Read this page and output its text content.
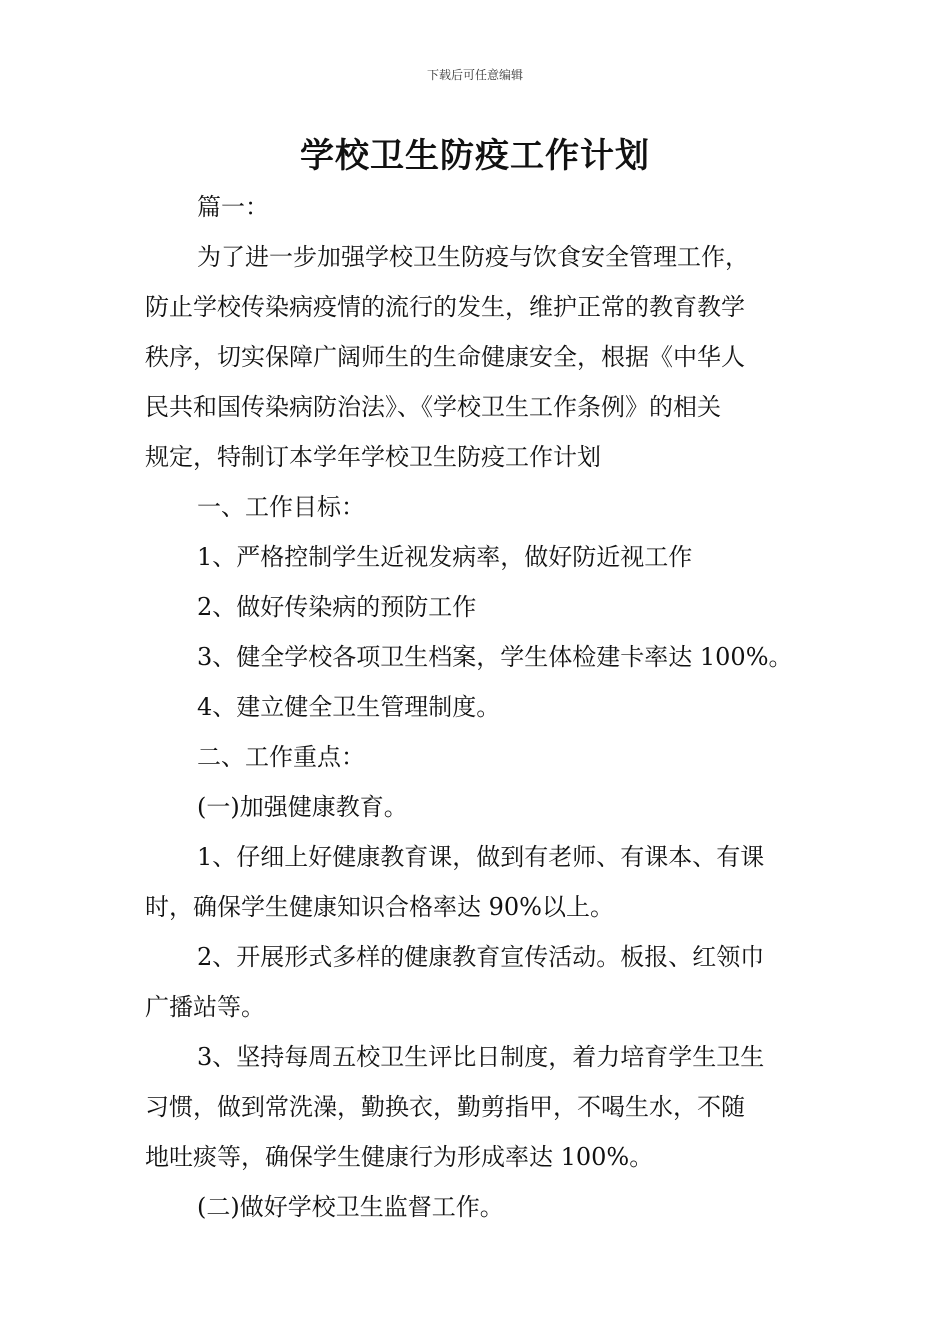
下载后可任意编辑
学校卫生防疫工作计划

篇一：

为了进一步加强学校卫生防疫与饮食安全管理工作，

防止学校传染病疫情的流行的发生，维护正常的教育教学

秩序，切实保障广阔师生的生命健康安全，根据《中华人

民共和国传染病防治法》、《学校卫生工作条例》的相关

规定，特制订本学年学校卫生防疫工作计划

一、工作目标：

1、严格控制学生近视发病率，做好防近视工作

2、做好传染病的预防工作

3、健全学校各项卫生档案，学生体检建卡率达 100%。

4、建立健全卫生管理制度。

二、工作重点：

(一)加强健康教育。

1、仔细上好健康教育课，做到有老师、有课本、有课

时，确保学生健康知识合格率达 90%以上。

2、开展形式多样的健康教育宣传活动。板报、红领巾

广播站等。

3、坚持每周五校卫生评比日制度，着力培育学生卫生

习惯，做到常洗澡，勤换衣，勤剪指甲，不喝生水，不随

地吐痰等，确保学生健康行为形成率达 100%。

(二)做好学校卫生监督工作。
